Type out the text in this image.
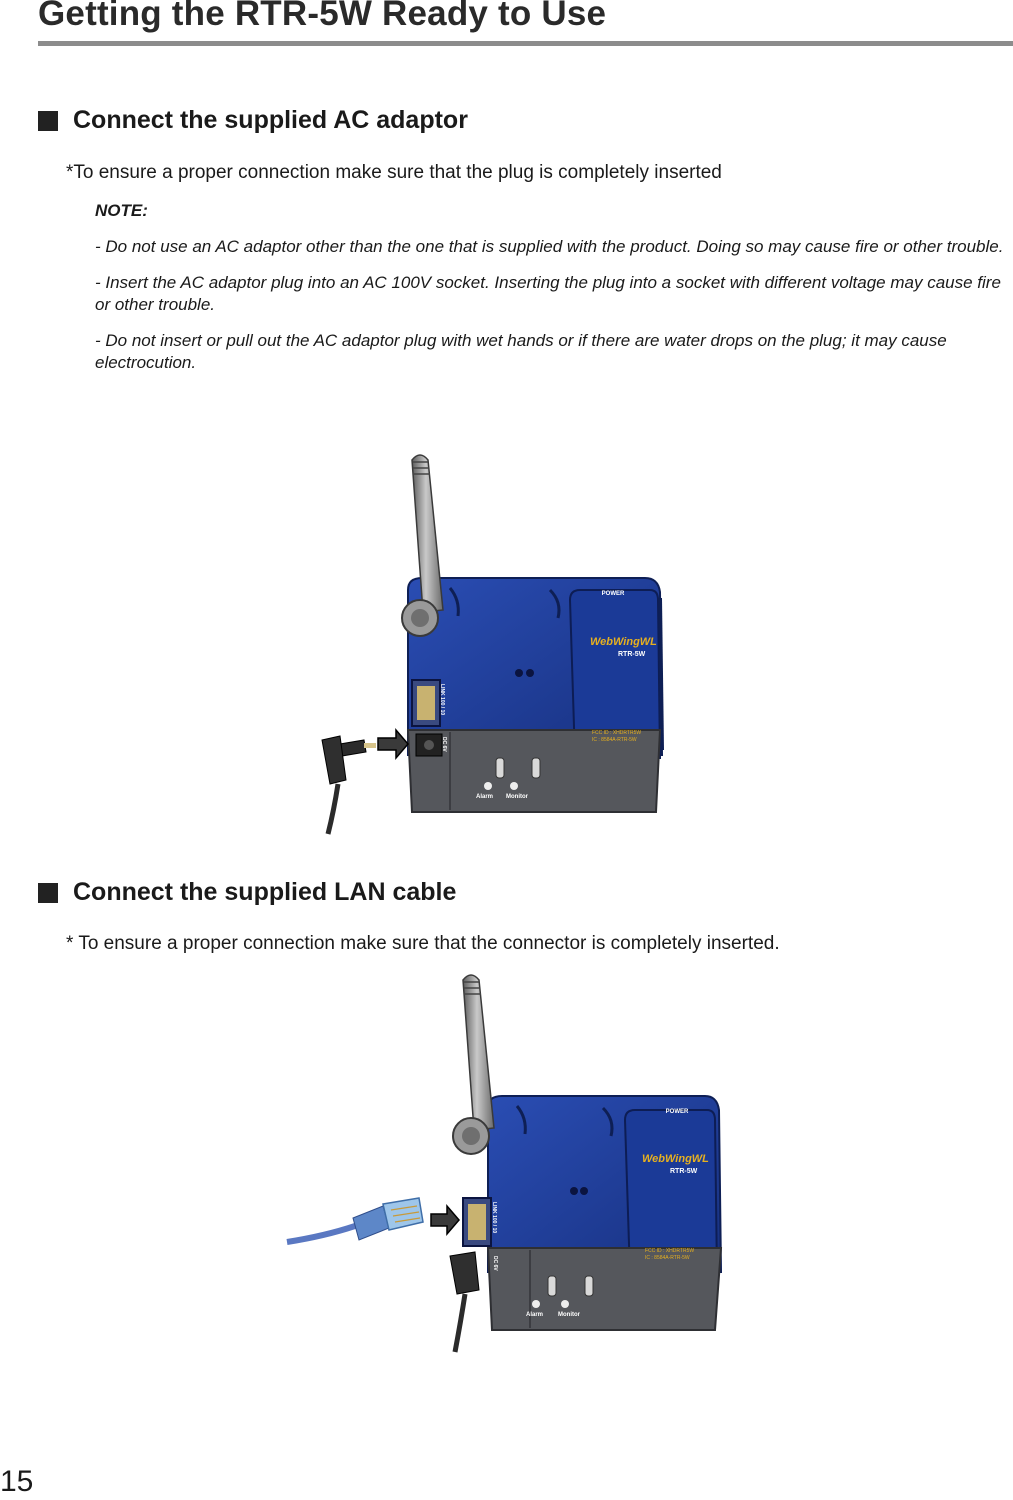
Getting the RTR-5W Ready to Use
Connect the supplied AC adaptor

*To ensure a proper connection make sure that the plug is completely inserted

NOTE:

- Do not use an AC adaptor other than the one that is supplied with the product. Doing so may cause fire or other trouble.

- Insert the AC adaptor plug into an AC 100V socket. Inserting the plug into a socket with different voltage may cause fire or other trouble.

- Do not insert or pull out the AC adaptor plug with wet hands or if there are water drops on the plug; it may cause electrocution.

POWER
WebWingWL
RTR-5W
FCC ID : XHDRTR5W
IC : 8584A-RTR-5W
LINK 100 / 10
DC 6V
Alarm Monitor
Connect the supplied LAN cable

* To ensure a proper connection make sure that the connector is completely inserted.

POWER
WebWingWL
RTR-5W
FCC ID : XHDRTR5W
IC : 8584A-RTR-5W
LINK 100 / 10
DC 6V
Alarm Monitor

15
